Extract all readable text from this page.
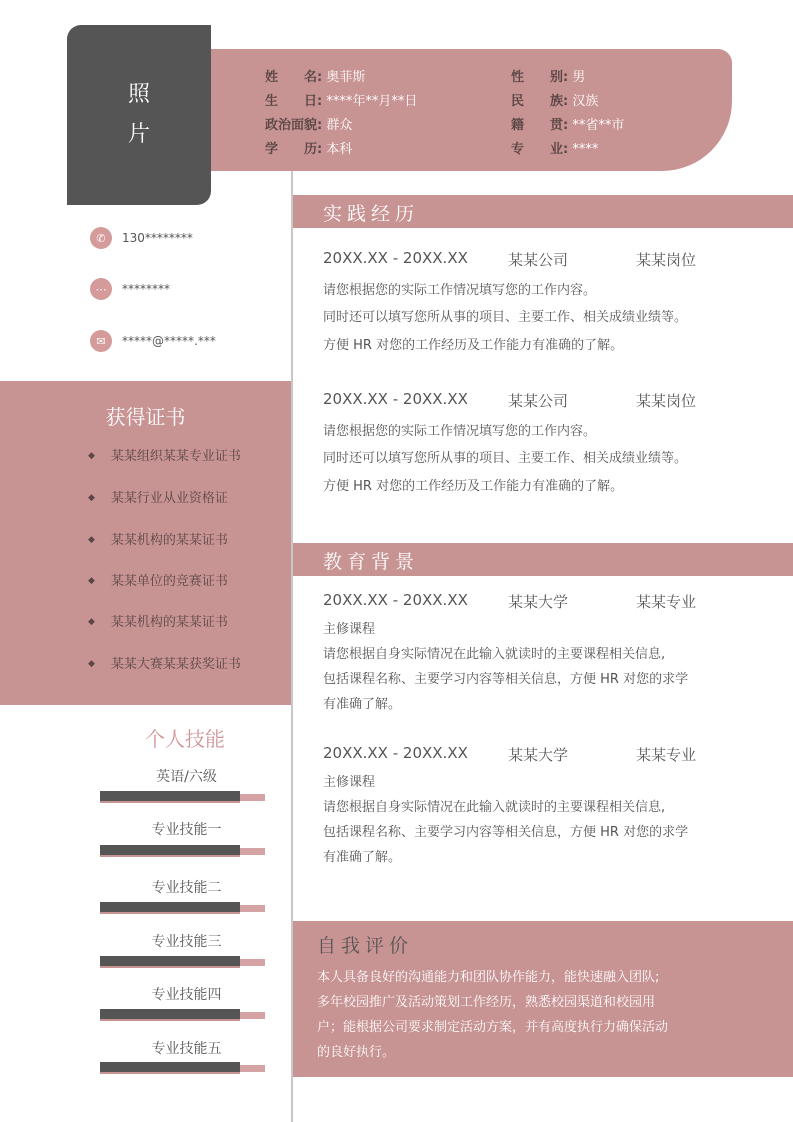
照
片
姓　　名: 奥菲斯	性　　别: 男
生　　日: ****年**月**日	民　　族: 汉族
政治面貌: 群众	籍　　贯: **省**市
学　　历: 本科	专　　业: ****
✆	130********
⋯	********
✉	*****@*****.***
获得证书
◆ 某某组织某某专业证书
◆ 某某行业从业资格证
◆ 某某机构的某某证书
◆ 某某单位的竞赛证书
◆ 某某机构的某某证书
◆ 某某大赛某某获奖证书
个人技能
英语/六级
专业技能一
专业技能二
专业技能三
专业技能四
专业技能五
实践经历
20XX.XX - 20XX.XX	某某公司	某某岗位
请您根据您的实际工作情况填写您的工作内容。
同时还可以填写您所从事的项目、主要工作、相关成绩业绩等。
方便 HR 对您的工作经历及工作能力有准确的了解。
20XX.XX - 20XX.XX	某某公司	某某岗位
请您根据您的实际工作情况填写您的工作内容。
同时还可以填写您所从事的项目、主要工作、相关成绩业绩等。
方便 HR 对您的工作经历及工作能力有准确的了解。
教育背景
20XX.XX - 20XX.XX	某某大学	某某专业
主修课程
请您根据自身实际情况在此输入就读时的主要课程相关信息,
包括课程名称、主要学习内容等相关信息，方便 HR 对您的求学
有准确了解。
20XX.XX - 20XX.XX	某某大学	某某专业
主修课程
请您根据自身实际情况在此输入就读时的主要课程相关信息,
包括课程名称、主要学习内容等相关信息，方便 HR 对您的求学
有准确了解。
自我评价
本人具备良好的沟通能力和团队协作能力，能快速融入团队;
多年校园推广及活动策划工作经历，熟悉校园渠道和校园用
户；能根据公司要求制定活动方案，并有高度执行力确保活动
的良好执行。
